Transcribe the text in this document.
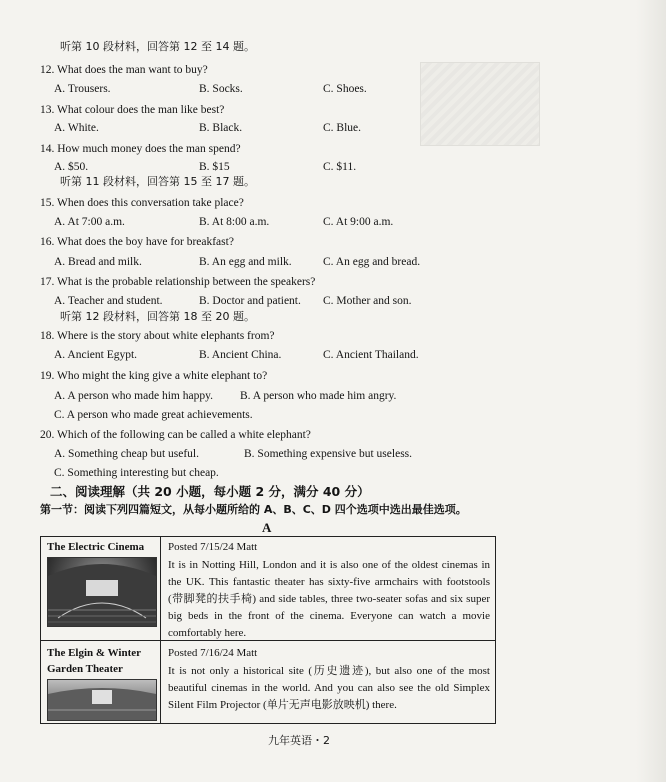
听第 10 段材料，回答第 12 至 14 题。
12. What does the man want to buy?
A. Trousers.	B. Socks.	C. Shoes.
13. What colour does the man like best?
A. White.	B. Black.	C. Blue.
14. How much money does the man spend?
A. $50.	B. $15	C. $11.
听第 11 段材料，回答第 15 至 17 题。
15. When does this conversation take place?
A. At 7:00 a.m.	B. At 8:00 a.m.	C. At 9:00 a.m.
16. What does the boy have for breakfast?
A. Bread and milk.	B. An egg and milk.	C. An egg and bread.
17. What is the probable relationship between the speakers?
A. Teacher and student.	B. Doctor and patient. C. Mother and son.
听第 12 段材料，回答第 18 至 20 题。
18. Where is the story about white elephants from?
A. Ancient Egypt.	B. Ancient China.	C. Ancient Thailand.
19. Who might the king give a white elephant to?
A. A person who made him happy. B. A person who made him angry.
C. A person who made great achievements.
20. Which of the following can be called a white elephant?
A. Something cheap but useful.	B. Something expensive but useless.
C. Something interesting but cheap.
二、阅读理解（共 20 小题，每小题 2 分，满分 40 分）
第一节：阅读下列四篇短文，从每小题所给的 A、B、C、D 四个选项中选出最佳选项。
A
The Electric Cinema Posted 7/15/24 Matt
It is in Notting Hill, London and it is also one of the oldest cinemas in the UK. This fantastic theater has sixty-five armchairs with footstools (带脚凳的扶手椅) and side tables, three two-seater sofas and six super big beds in the front of the cinema. Everyone can watch a movie comfortably here.
The Elgin & Winter
Garden Theater
Posted 7/16/24 Matt
It is not only a historical site (历史遗迹), but also one of the most beautiful cinemas in the world. And you can also see the old Simplex Silent Film Projector (单片无声电影放映机) there.
九年英语・2
